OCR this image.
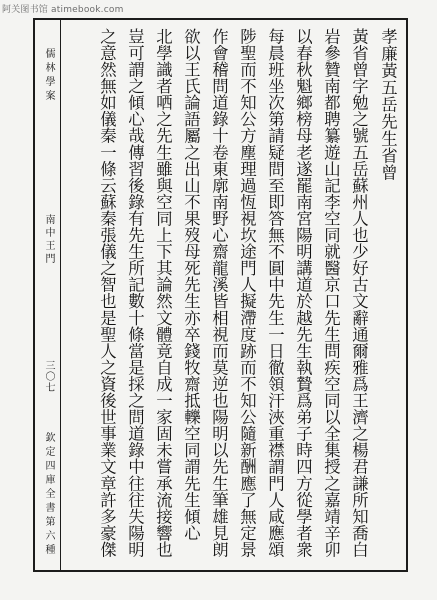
阿关图书馆 atimebook.com
孝廉黃五岳先生省曾
黃省曾字勉之號五岳蘇州人也少好古文辭通爾雅爲王濟之楊君謙所知喬白
岩參贊南都聘纂遊山記李空同就醫京口先生問疾空同以全集授之嘉靖辛卯
以春秋魁鄉榜母老遂罷南宮陽明講道於越先生執贄爲弟子時四方從學者衆
每晨班坐次第請疑問至即答無不圓中先生一日徹領汗浹重襟謂門人咸應頌
陟聖而不知公方塵理過恆視坎途門人擬滯度跡而不知公隨新酬應了無定景
作會稽問道錄十卷東廓南野心齋龍溪皆相視而莫逆也陽明以先生筆雄見朗
欲以王氏論語屬之出山不果歿母死先生亦卒錢牧齋抵轢空同謂先生傾心
北學識者哂之先生雖與空同上下其論然文體竟自成一家固未嘗承流接響也
豈可謂之傾心哉傳習後錄有先生所記數十條當是採之問道錄中往往失陽明
之意然無如儀秦一條云蘇秦張儀之智也是聖人之資後世事業文章許多豪傑
儒林學案
南中王門
三〇七
欽定四庫全書第六種
